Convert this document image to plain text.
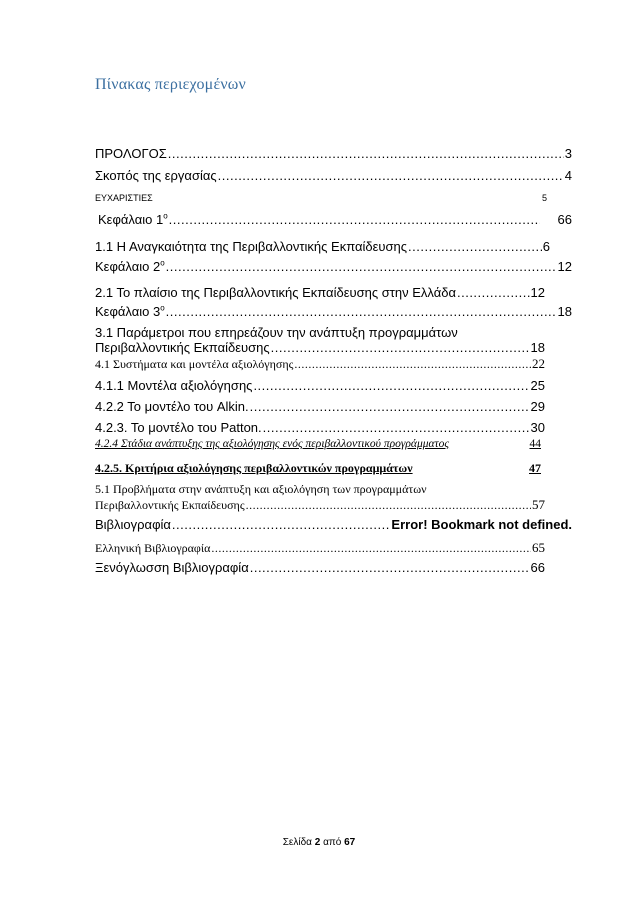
Πίνακας περιεχομένων
ΠΡΟΛΟΓΟΣ .....	3
Σκοπός της εργασίας .....	4
ΕΥΧΑΡΙΣΤΙΕΣ	5
Κεφάλαιο $1^o$ .....	66
1.1 Η Αναγκαιότητα της Περιβαλλοντικής Εκπαίδευσης .....	6
Κεφάλαιο $2^o$ .....	12
2.1 Το πλαίσιο της Περιβαλλοντικής Εκπαίδευσης στην Ελλάδα .....	12
Κεφάλαιο $3^o$ .....	18
3.1 Παράμετροι που επηρεάζουν την ανάπτυξη προγραμμάτων
Περιβαλλοντικής Εκπαίδευσης .....	18
4.1 Συστήματα και μοντέλα αξιολόγησης .....	22
4.1.1 Μοντέλα αξιολόγησης .....	25
4.2.2 Το μοντέλο του Alkin. .....	29
4.2.3. Το μοντέλο του Patton. .....	30
4.2.4 Στάδια ανάπτυξης της αξιολόγησης ενός περιβαλλοντικού προγράμματος	44
4.2.5. Κριτήρια αξιολόγησης περιβαλλοντικών προγραμμάτων	47
5.1 Προβλήματα στην ανάπτυξη και αξιολόγηση των προγραμμάτων
Περιβαλλοντικής Εκπαίδευσης .....	57
Βιβλιογραφία .....	Error! Bookmark not defined.
Ελληνική Βιβλιογραφία .....	65
Ξενόγλωσση Βιβλιογραφία .....	66
Σελίδα 2 από 67
